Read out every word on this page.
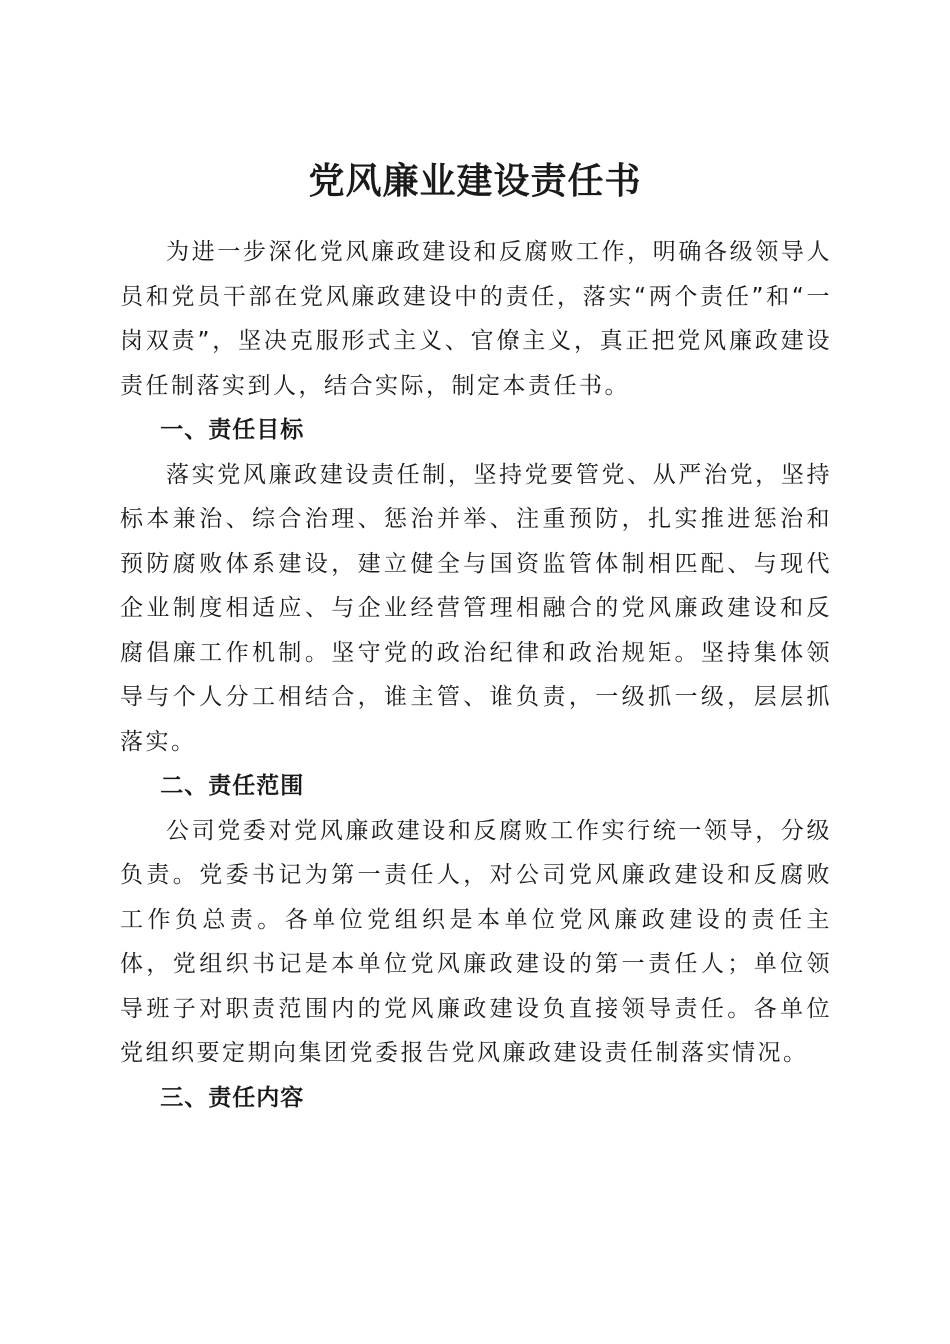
党风廉业建设责任书

为进一步深化党风廉政建设和反腐败工作，明确各级领导人员和党员干部在党风廉政建设中的责任，落实“两个责任”和“一岗双责”，坚决克服形式主义、官僚主义，真正把党风廉政建设责任制落实到人，结合实际，制定本责任书。

一、责任目标

落实党风廉政建设责任制，坚持党要管党、从严治党，坚持标本兼治、综合治理、惩治并举、注重预防，扎实推进惩治和预防腐败体系建设，建立健全与国资监管体制相匹配、与现代企业制度相适应、与企业经营管理相融合的党风廉政建设和反腐倡廉工作机制。坚守党的政治纪律和政治规矩。坚持集体领导与个人分工相结合，谁主管、谁负责，一级抓一级，层层抓落实。

二、责任范围

公司党委对党风廉政建设和反腐败工作实行统一领导，分级负责。党委书记为第一责任人，对公司党风廉政建设和反腐败工作负总责。各单位党组织是本单位党风廉政建设的责任主体，党组织书记是本单位党风廉政建设的第一责任人；单位领导班子对职责范围内的党风廉政建设负直接领导责任。各单位党组织要定期向集团党委报告党风廉政建设责任制落实情况。

三、责任内容
